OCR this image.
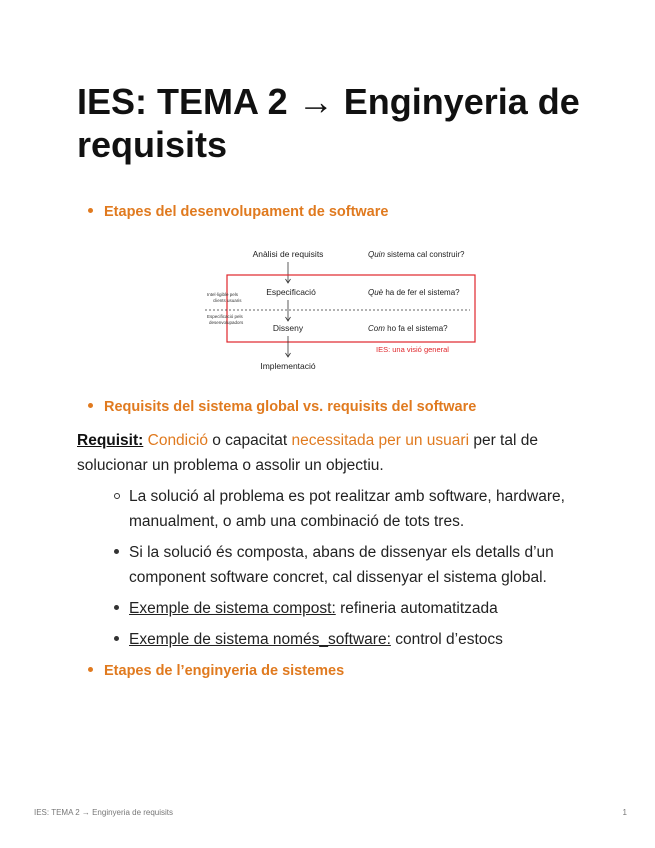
IES: TEMA 2 → Enginyeria de requisits
Etapes del desenvolupament de software
Anàlisi de requisits	Quin sistema cal construir?
Especificació	Què ha de fer el sistema?
Intel·ligible pels
clients usuaris
Especificació pels
desenvolupadors
Disseny	Com ho fa el sistema?
IES: una visió general
Implementació
Requisits del sistema global vs. requisits del software
Requisit: Condició o capacitat necessitada per un usuari per tal de solucionar un problema o assolir un objectiu.
La solució al problema es pot realitzar amb software, hardware, manualment, o amb una combinació de tots tres.
Si la solució és composta, abans de dissenyar els detalls d’un component software concret, cal dissenyar el sistema global.
Exemple de sistema compost: refineria automatitzada
Exemple de sistema només_software: control d’estocs
Etapes de l’enginyeria de sistemes
IES: TEMA 2 → Enginyeria de requisits	1
